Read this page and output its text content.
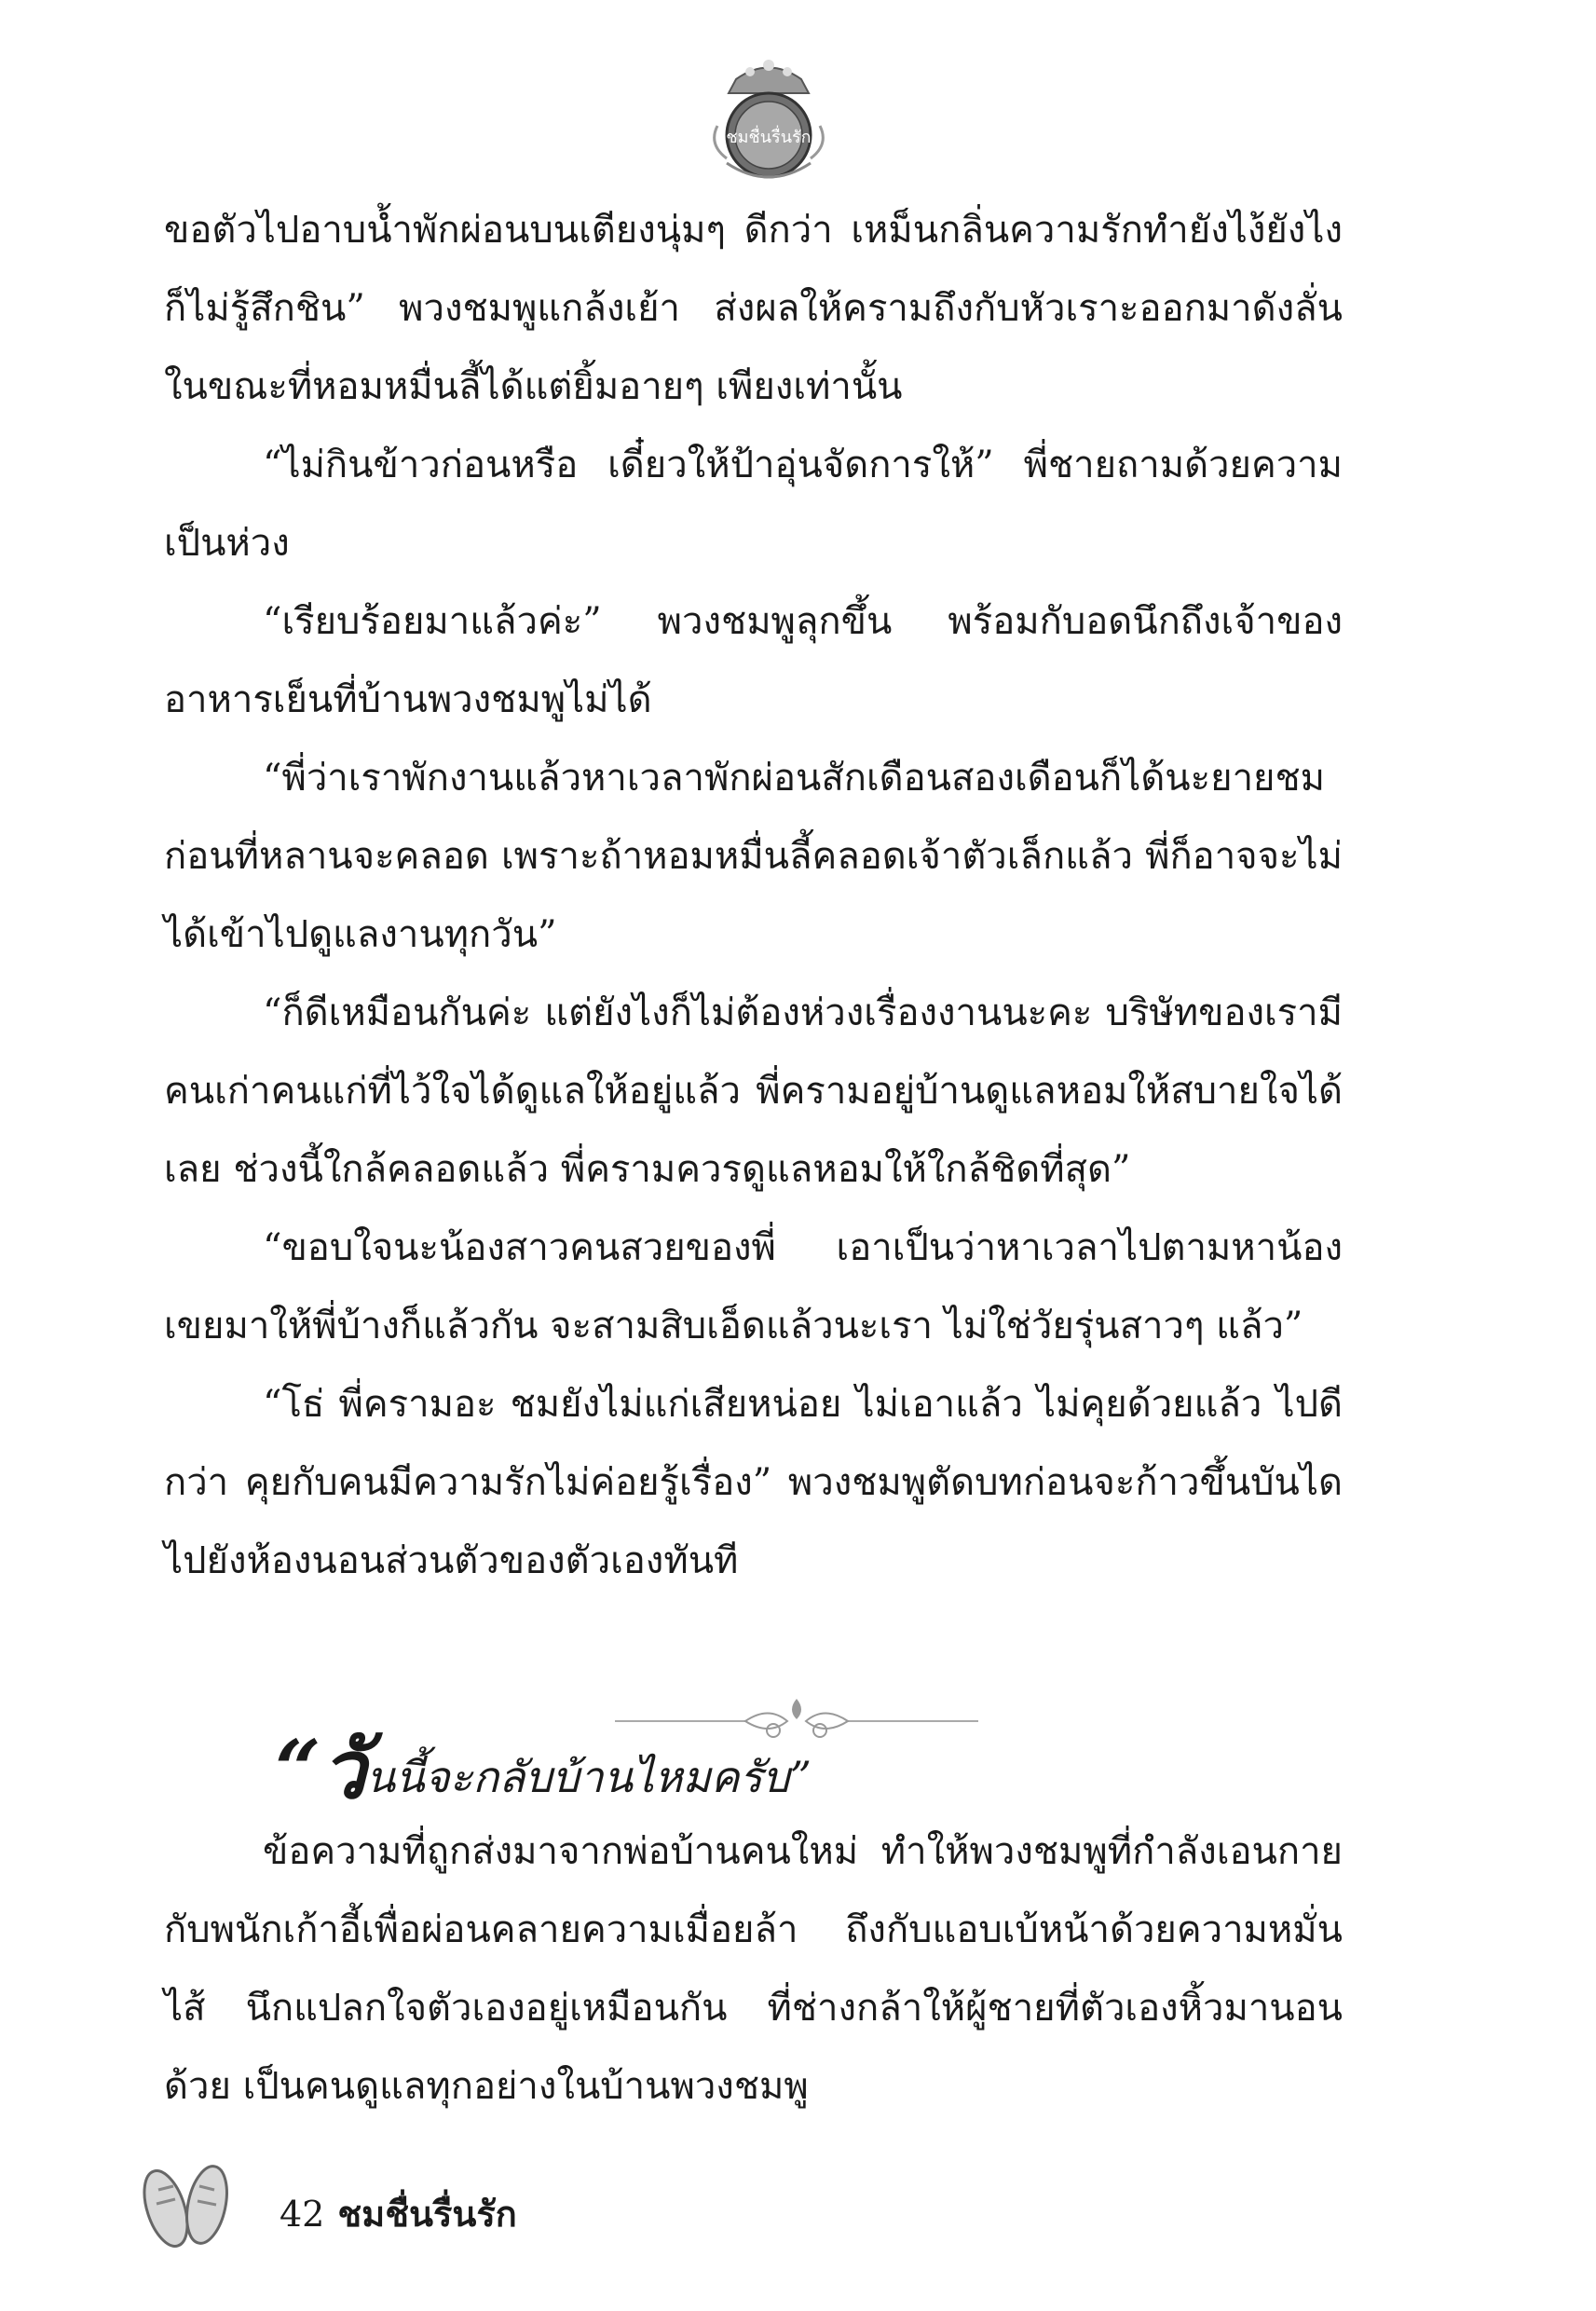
ชมชื่นรื่นรัก

ขอตัวไปอาบน้ำพักผ่อนบนเตียงนุ่มๆ ดีกว่า เหม็นกลิ่นความรักทำยังไง้ยังไงก็ไม่รู้สึกชิน” พวงชมพูแกล้งเย้า ส่งผลให้ครามถึงกับหัวเราะออกมาดังลั่น ในขณะที่หอมหมื่นลี้ได้แต่ยิ้มอายๆ เพียงเท่านั้น

“ไม่กินข้าวก่อนหรือ เดี๋ยวให้ป้าอุ่นจัดการให้” พี่ชายถามด้วยความเป็นห่วง

“เรียบร้อยมาแล้วค่ะ” พวงชมพูลุกขึ้น พร้อมกับอดนึกถึงเจ้าของอาหารเย็นที่บ้านพวงชมพูไม่ได้

“พี่ว่าเราพักงานแล้วหาเวลาพักผ่อนสักเดือนสองเดือนก็ได้นะยายชม ก่อนที่หลานจะคลอด เพราะถ้าหอมหมื่นลี้คลอดเจ้าตัวเล็กแล้ว พี่ก็อาจจะไม่ได้เข้าไปดูแลงานทุกวัน”

“ก็ดีเหมือนกันค่ะ แต่ยังไงก็ไม่ต้องห่วงเรื่องงานนะคะ บริษัทของเรามีคนเก่าคนแก่ที่ไว้ใจได้ดูแลให้อยู่แล้ว พี่ครามอยู่บ้านดูแลหอมให้สบายใจได้เลย ช่วงนี้ใกล้คลอดแล้ว พี่ครามควรดูแลหอมให้ใกล้ชิดที่สุด”

“ขอบใจนะน้องสาวคนสวยของพี่ เอาเป็นว่าหาเวลาไปตามหาน้องเขยมาให้พี่บ้างก็แล้วกัน จะสามสิบเอ็ดแล้วนะเรา ไม่ใช่วัยรุ่นสาวๆ แล้ว”

“โธ่ พี่ครามอะ ชมยังไม่แก่เสียหน่อย ไม่เอาแล้ว ไม่คุยด้วยแล้ว ไปดีกว่า คุยกับคนมีความรักไม่ค่อยรู้เรื่อง” พวงชมพูตัดบทก่อนจะก้าวขึ้นบันไดไปยังห้องนอนส่วนตัวของตัวเองทันที

“วันนี้จะกลับบ้านไหมครับ”

ข้อความที่ถูกส่งมาจากพ่อบ้านคนใหม่ ทำให้พวงชมพูที่กำลังเอนกายกับพนักเก้าอี้เพื่อผ่อนคลายความเมื่อยล้า ถึงกับแอบเบ้หน้าด้วยความหมั่นไส้ นึกแปลกใจตัวเองอยู่เหมือนกัน ที่ช่างกล้าให้ผู้ชายที่ตัวเองหิ้วมานอนด้วย เป็นคนดูแลทุกอย่างในบ้านพวงชมพู

42 ชมชื่นรื่นรัก
